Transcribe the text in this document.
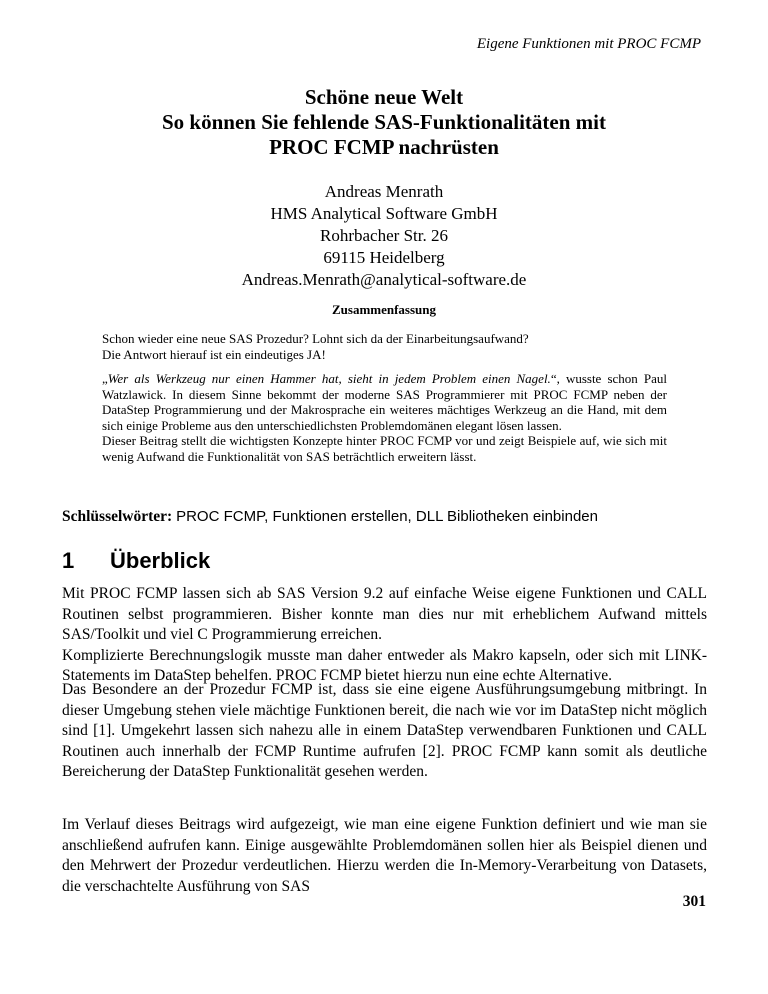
Eigene Funktionen mit PROC FCMP
Schöne neue Welt
So können Sie fehlende SAS-Funktionalitäten mit
PROC FCMP nachrüsten
Andreas Menrath
HMS Analytical Software GmbH
Rohrbacher Str. 26
69115 Heidelberg
Andreas.Menrath@analytical-software.de
Zusammenfassung

Schon wieder eine neue SAS Prozedur? Lohnt sich da der Einarbeitungsaufwand?

Die Antwort hierauf ist ein eindeutiges JA!

„Wer als Werkzeug nur einen Hammer hat, sieht in jedem Problem einen Nagel.“, wusste schon Paul Watzlawick. In diesem Sinne bekommt der moderne SAS Programmierer mit PROC FCMP neben der DataStep Programmierung und der Makrosprache ein weiteres mächtiges Werkzeug an die Hand, mit dem sich einige Probleme aus den unterschiedlichsten Problemdomänen elegant lösen lassen.

Dieser Beitrag stellt die wichtigsten Konzepte hinter PROC FCMP vor und zeigt Beispiele auf, wie sich mit wenig Aufwand die Funktionalität von SAS beträchtlich erweitern lässt.

Schlüsselwörter: PROC FCMP, Funktionen erstellen, DLL Bibliotheken einbinden
1 Überblick

Mit PROC FCMP lassen sich ab SAS Version 9.2 auf einfache Weise eigene Funktionen und CALL Routinen selbst programmieren. Bisher konnte man dies nur mit erheblichem Aufwand mittels SAS/Toolkit und viel C Programmierung erreichen.

Komplizierte Berechnungslogik musste man daher entweder als Makro kapseln, oder sich mit LINK-Statements im DataStep behelfen. PROC FCMP bietet hierzu nun eine echte Alternative.

Das Besondere an der Prozedur FCMP ist, dass sie eine eigene Ausführungsumgebung mitbringt. In dieser Umgebung stehen viele mächtige Funktionen bereit, die nach wie vor im DataStep nicht möglich sind [1]. Umgekehrt lassen sich nahezu alle in einem DataStep verwendbaren Funktionen und CALL Routinen auch innerhalb der FCMP Runtime aufrufen [2]. PROC FCMP kann somit als deutliche Bereicherung der DataStep Funktionalität gesehen werden.

Im Verlauf dieses Beitrags wird aufgezeigt, wie man eine eigene Funktion definiert und wie man sie anschließend aufrufen kann. Einige ausgewählte Problemdomänen sollen hier als Beispiel dienen und den Mehrwert der Prozedur verdeutlichen. Hierzu werden die In-Memory-Verarbeitung von Datasets, die verschachtelte Ausführung von SAS

301
